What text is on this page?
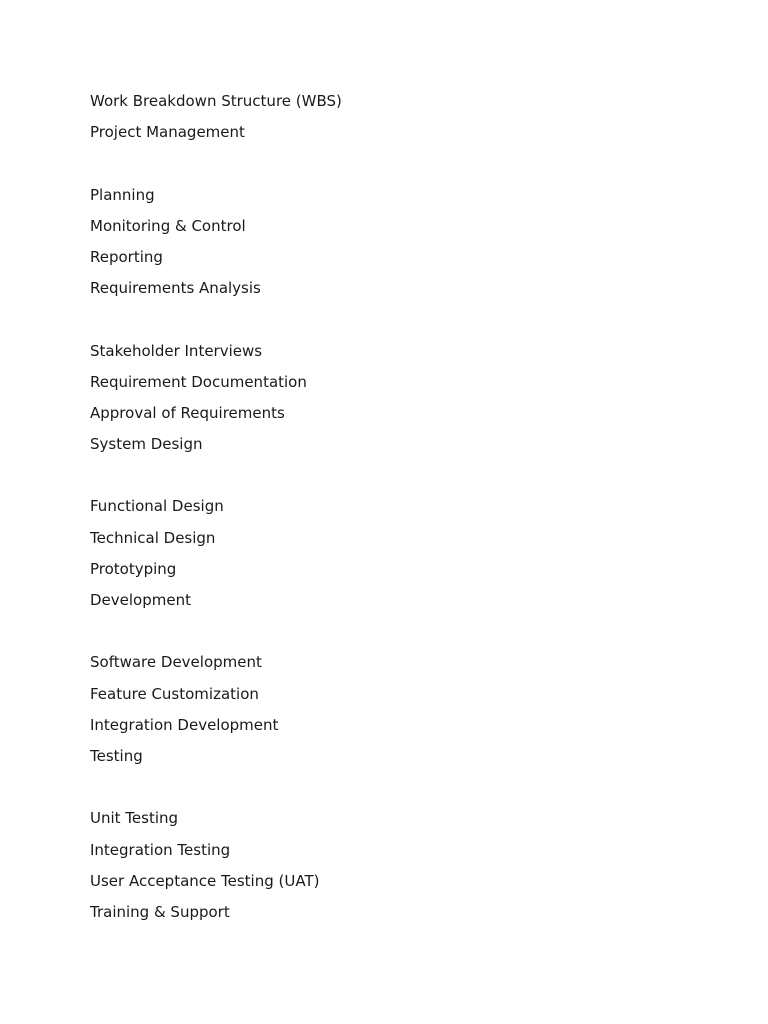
Work Breakdown Structure (WBS)
Project Management
Planning
Monitoring & Control
Reporting
Requirements Analysis
Stakeholder Interviews
Requirement Documentation
Approval of Requirements
System Design
Functional Design
Technical Design
Prototyping
Development
Software Development
Feature Customization
Integration Development
Testing
Unit Testing
Integration Testing
User Acceptance Testing (UAT)
Training & Support
